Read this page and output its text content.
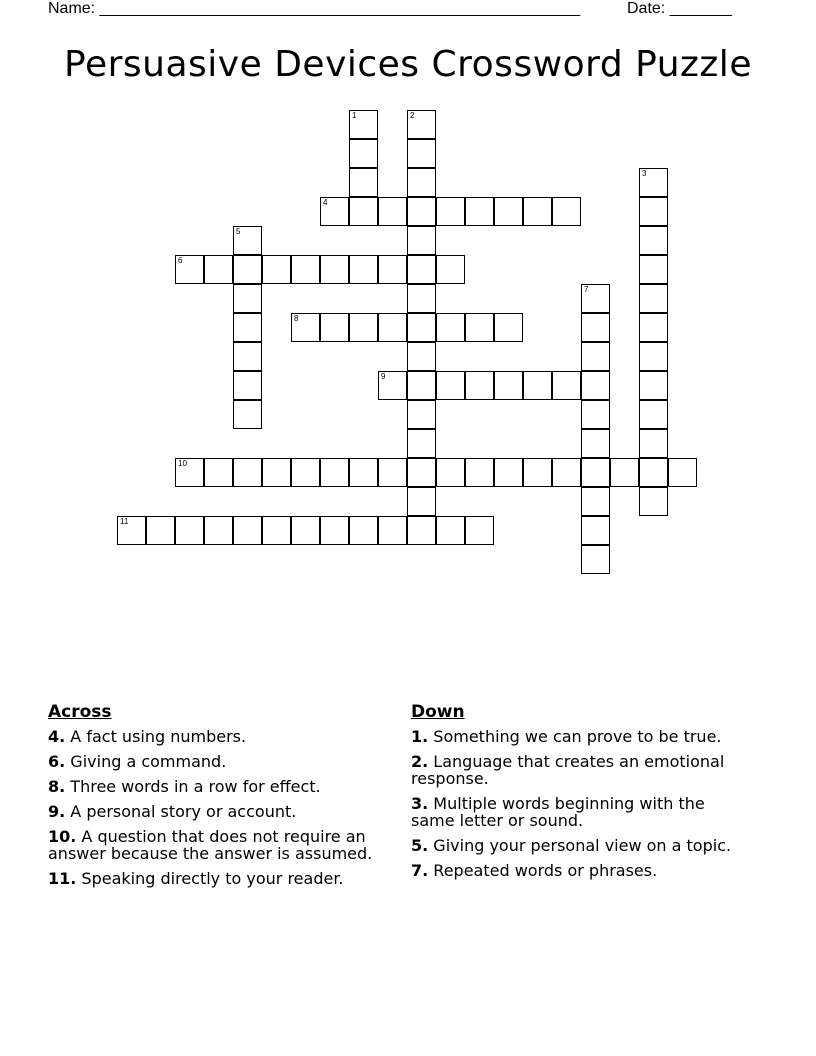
Name: ______________________________________________________	Date: _______
Persuasive Devices Crossword Puzzle
4
6
8
9
10
11
1	2
3
5
7
Across
4. A fact using numbers.
6. Giving a command.
8. Three words in a row for effect.
9. A personal story or account.
10. A question that does not require an answer because the answer is assumed.
11. Speaking directly to your reader.
Down
1. Something we can prove to be true.
2. Language that creates an emotional response.
3. Multiple words beginning with the same letter or sound.
5. Giving your personal view on a topic.
7. Repeated words or phrases.
